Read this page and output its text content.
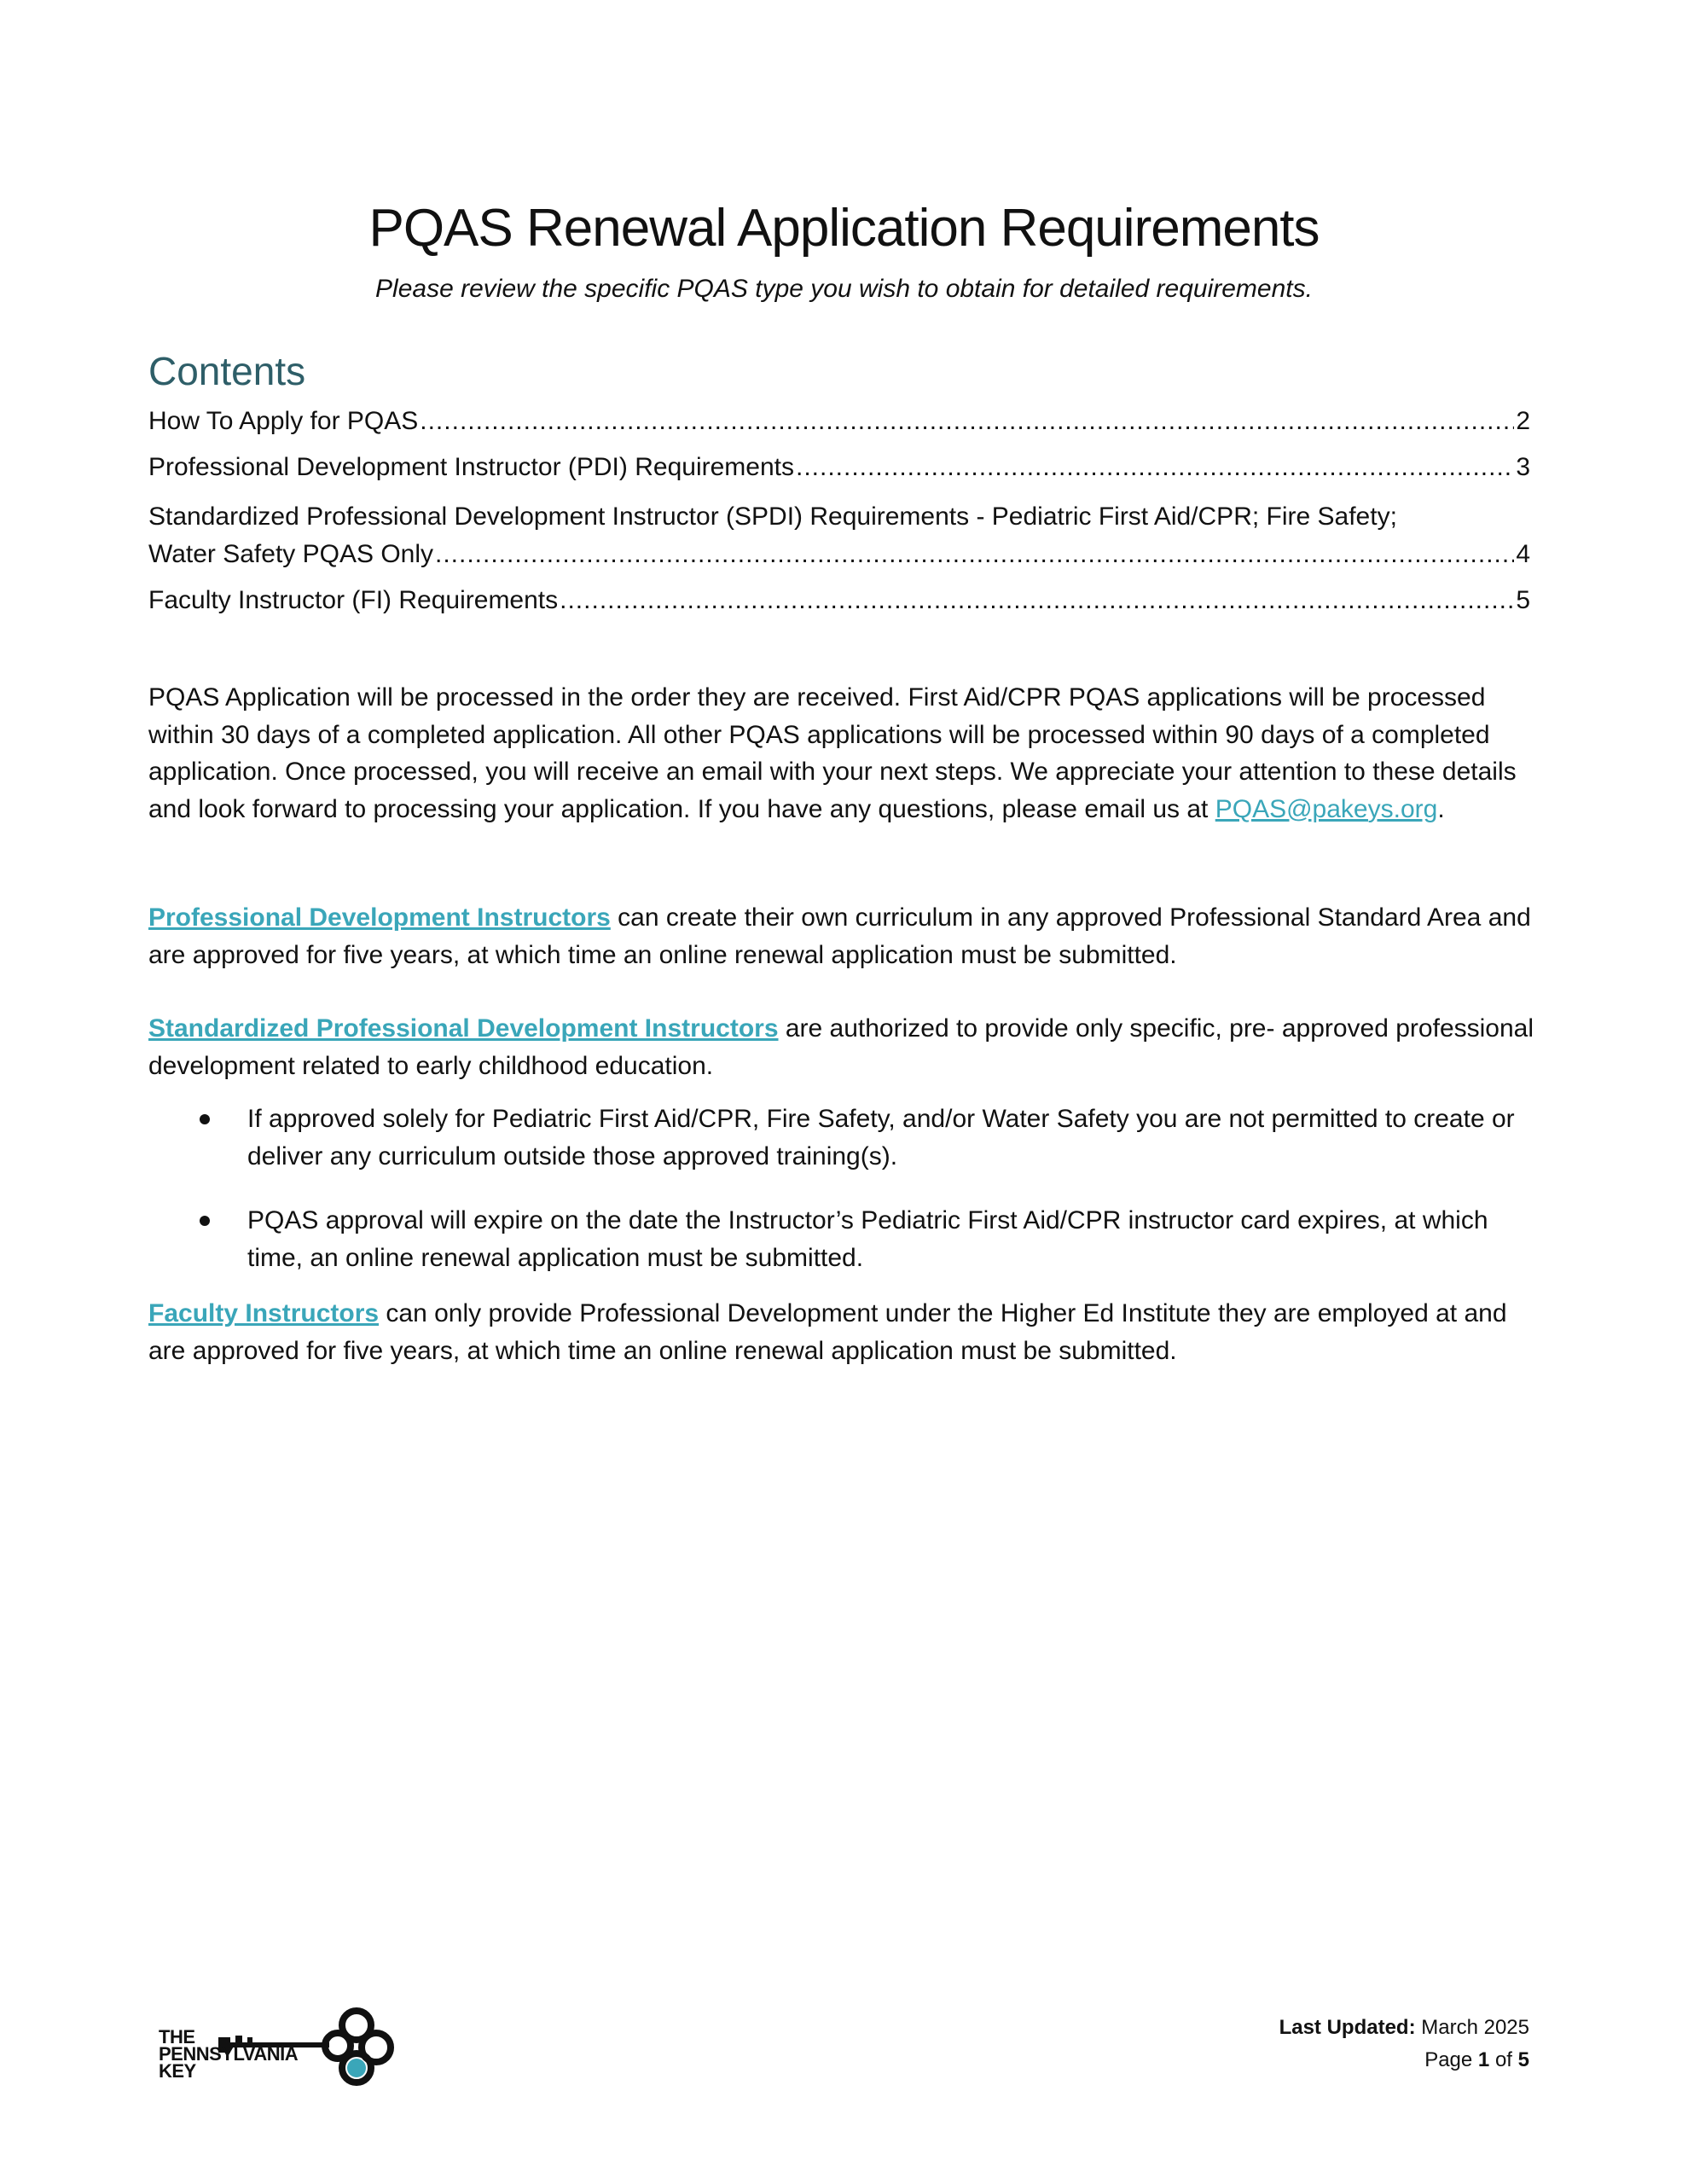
PQAS Renewal Application Requirements

Please review the specific PQAS type you wish to obtain for detailed requirements.

Contents
How To Apply for PQAS .....	2
Professional Development Instructor (PDI) Requirements .....	3
Standardized Professional Development Instructor (SPDI) Requirements - Pediatric First Aid/CPR; Fire Safety;
Water Safety PQAS Only .....	4
Faculty Instructor (FI) Requirements .....	5

PQAS Application will be processed in the order they are received. First Aid/CPR PQAS applications will be processed within 30 days of a completed application. All other PQAS applications will be processed within 90 days of a completed application. Once processed, you will receive an email with your next steps. We appreciate your attention to these details and look forward to processing your application. If you have any questions, please email us at PQAS@pakeys.org.

Professional Development Instructors can create their own curriculum in any approved Professional Standard Area and are approved for five years, at which time an online renewal application must be submitted.

Standardized Professional Development Instructors are authorized to provide only specific, pre- approved professional development related to early childhood education.

If approved solely for Pediatric First Aid/CPR, Fire Safety, and/or Water Safety you are not permitted to create or deliver any curriculum outside those approved training(s).
PQAS approval will expire on the date the Instructor’s Pediatric First Aid/CPR instructor card expires, at which time, an online renewal application must be submitted.

Faculty Instructors can only provide Professional Development under the Higher Ed Institute they are employed at and are approved for five years, at which time an online renewal application must be submitted.

THE
PENNSYLVANIA
KEY
Last Updated: March 2025
Page 1 of 5
